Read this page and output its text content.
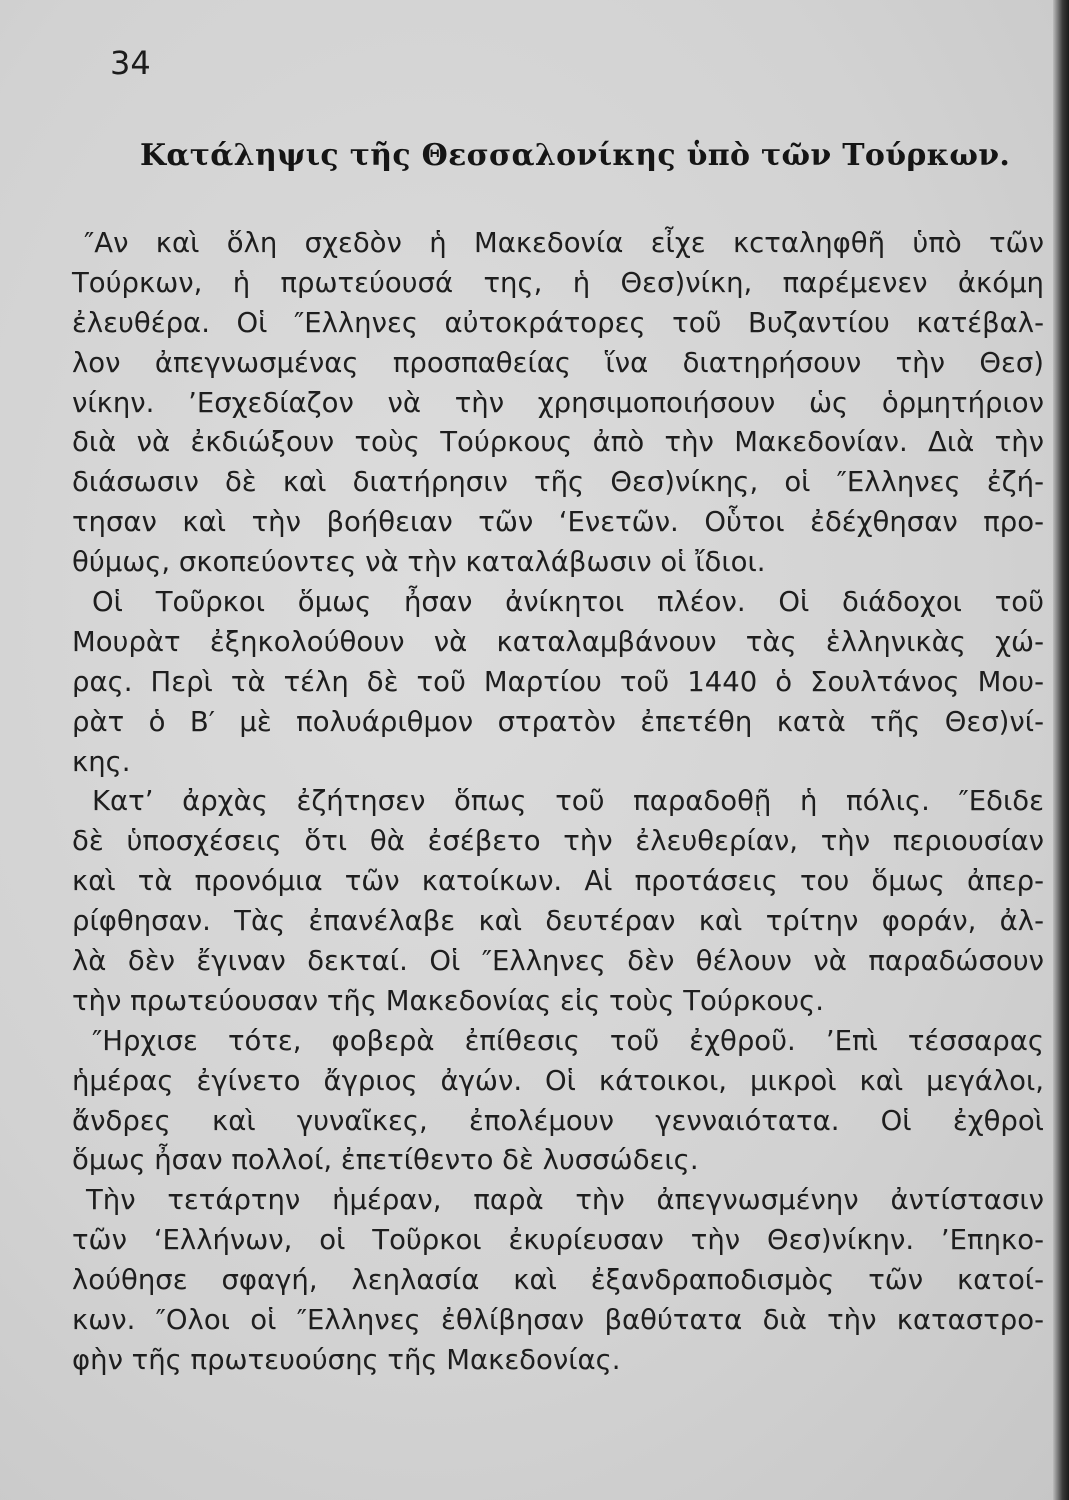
34
Κατάληψις τῆς Θεσσαλονίκης ὑπὸ τῶν Τούρκων.
″Αν καὶ ὅλη σχεδὸν ἡ Μακεδονία εἶχε κcταληφθῆ ὑπὸ τῶν
Τούρκων, ἡ πρωτεύουσά της, ἡ Θεσ)νίκη, παρέμενεν ἀκόμη
ἐλευθέρα. Οἱ ″Ελληνες αὐτοκράτορες τοῦ Βυζαντίου κατέβαλ-
λον ἀπεγνωσμένας προσπαθείας ἵνα διατηρήσουν τὴν Θεσ)
νίκην. ’Εσχεδίαζον νὰ τὴν χρησιμοποιήσουν ὡς ὁρμητήριον
διὰ νὰ ἐκδιώξουν τοὺς Τούρκους ἀπὸ τὴν Μακεδονίαν. Διὰ τὴν
διάσωσιν δὲ καὶ διατήρησιν τῆς Θεσ)νίκης, οἱ ″Ελληνες ἐζή-
τησαν καὶ τὴν βοήθειαν τῶν ‘Ενετῶν. Οὗτοι ἐδέχθησαν προ-
θύμως, σκοπεύοντες νὰ τὴν καταλάβωσιν οἱ ἴδιοι.
Οἱ Τοῦρκοι ὅμως ἦσαν ἀνίκητοι πλέον. Οἱ διάδοχοι τοῦ
Μουρὰτ ἐξηκολούθουν νὰ καταλαμβάνουν τὰς ἑλληνικὰς χώ-
ρας. Περὶ τὰ τέλη δὲ τοῦ Μαρτίου τοῦ 1440 ὁ Σουλτάνος Μου-
ρὰτ ὁ Β′ μὲ πολυάριθμον στρατὸν ἐπετέθη κατὰ τῆς Θεσ)νί-
κης.
Κατ’ ἀρχὰς ἐζήτησεν ὅπως τοῦ παραδοθῇ ἡ πόλις. ″Εδιδε
δὲ ὑποσχέσεις ὅτι θὰ ἐσέβετο τὴν ἐλευθερίαν, τὴν περιουσίαν
καὶ τὰ προνόμια τῶν κατοίκων. Αἱ προτάσεις του ὅμως ἀπερ-
ρίφθησαν. Τὰς ἐπανέλαβε καὶ δευτέραν καὶ τρίτην φοράν, ἀλ-
λὰ δὲν ἔγιναν δεκταί. Οἱ ″Ελληνες δὲν θέλουν νὰ παραδώσουν
τὴν πρωτεύουσαν τῆς Μακεδονίας εἰς τοὺς Τούρκους.
″Ηρχισε τότε, φοβερὰ ἐπίθεσις τοῦ ἐχθροῦ. ’Επὶ τέσσαρας
ἡμέρας ἐγίνετο ἄγριος ἀγών. Οἱ κάτοικοι, μικροὶ καὶ μεγάλοι,
ἄνδρες καὶ γυναῖκες, ἐπολέμουν γενναιότατα. Οἱ ἐχθροὶ
ὅμως ἦσαν πολλοί, ἐπετίθεντο δὲ λυσσώδεις.
Τὴν τετάρτην ἡμέραν, παρὰ τὴν ἀπεγνωσμένην ἀντίστασιν
τῶν ‘Ελλήνων, οἱ Τοῦρκοι ἐκυρίευσαν τὴν Θεσ)νίκην. ’Επηκο-
λούθησε σφαγή, λεηλασία καὶ ἐξανδραποδισμὸς τῶν κατοί-
κων. ″Ολοι οἱ ″Ελληνες ἐθλίβησαν βαθύτατα διὰ τὴν καταστρο-
φὴν τῆς πρωτευούσης τῆς Μακεδονίας.
